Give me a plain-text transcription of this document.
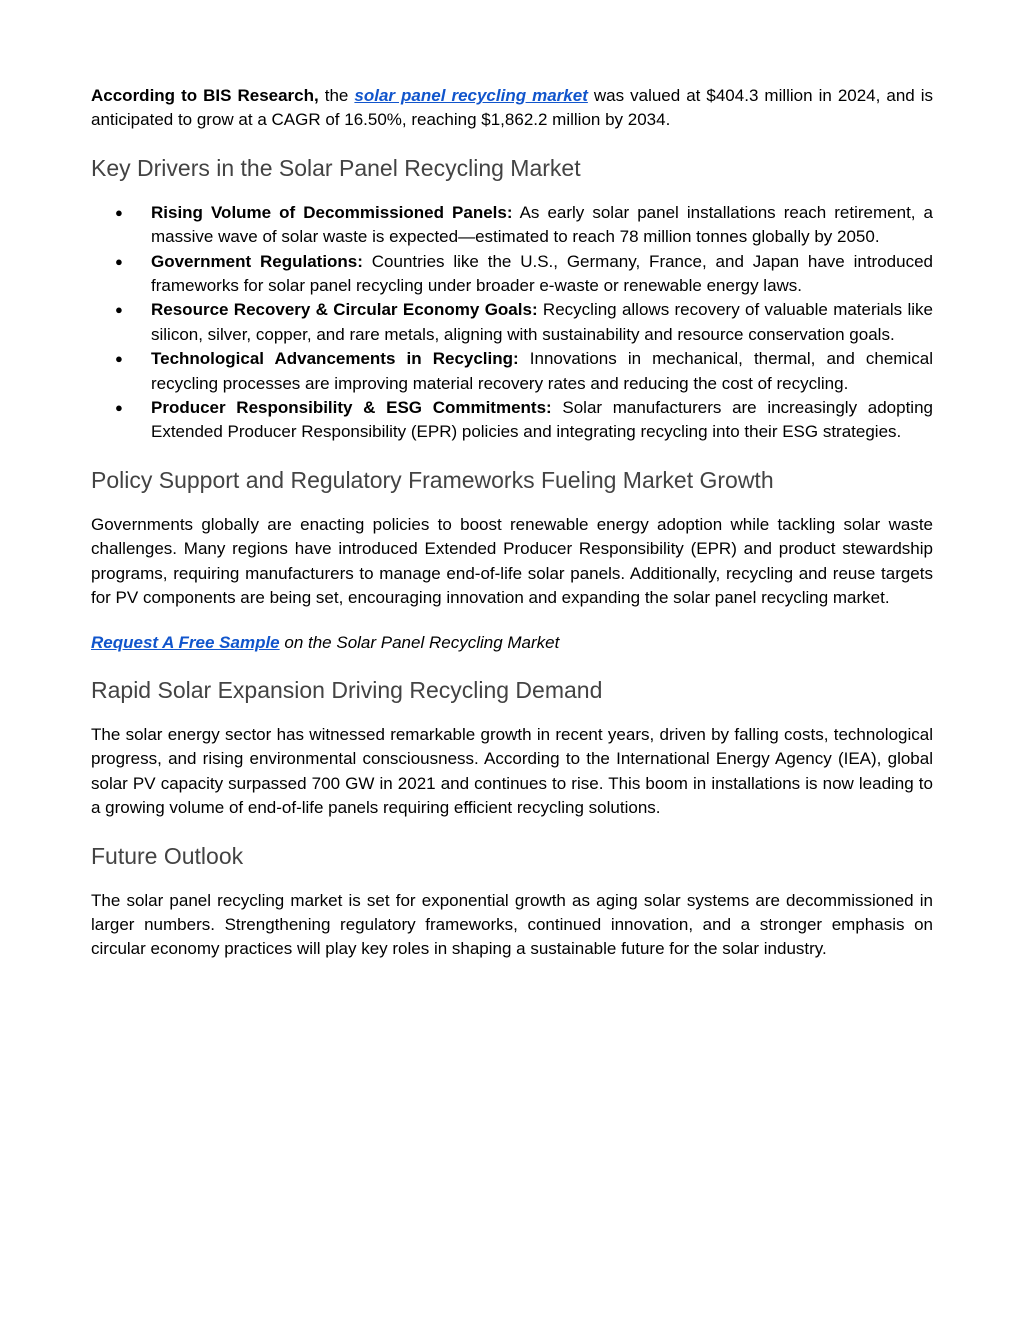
According to BIS Research, the solar panel recycling market was valued at $404.3 million in 2024, and is anticipated to grow at a CAGR of 16.50%, reaching $1,862.2 million by 2034.

Key Drivers in the Solar Panel Recycling Market
● Rising Volume of Decommissioned Panels: As early solar panel installations reach retirement, a massive wave of solar waste is expected—estimated to reach 78 million tonnes globally by 2050.
● Government Regulations: Countries like the U.S., Germany, France, and Japan have introduced frameworks for solar panel recycling under broader e-waste or renewable energy laws.
● Resource Recovery & Circular Economy Goals: Recycling allows recovery of valuable materials like silicon, silver, copper, and rare metals, aligning with sustainability and resource conservation goals.
● Technological Advancements in Recycling: Innovations in mechanical, thermal, and chemical recycling processes are improving material recovery rates and reducing the cost of recycling.
● Producer Responsibility & ESG Commitments: Solar manufacturers are increasingly adopting Extended Producer Responsibility (EPR) policies and integrating recycling into their ESG strategies.
Policy Support and Regulatory Frameworks Fueling Market Growth

Governments globally are enacting policies to boost renewable energy adoption while tackling solar waste challenges. Many regions have introduced Extended Producer Responsibility (EPR) and product stewardship programs, requiring manufacturers to manage end-of-life solar panels. Additionally, recycling and reuse targets for PV components are being set, encouraging innovation and expanding the solar panel recycling market.

Request A Free Sample on the Solar Panel Recycling Market

Rapid Solar Expansion Driving Recycling Demand

The solar energy sector has witnessed remarkable growth in recent years, driven by falling costs, technological progress, and rising environmental consciousness. According to the International Energy Agency (IEA), global solar PV capacity surpassed 700 GW in 2021 and continues to rise. This boom in installations is now leading to a growing volume of end-of-life panels requiring efficient recycling solutions.

Future Outlook

The solar panel recycling market is set for exponential growth as aging solar systems are decommissioned in larger numbers. Strengthening regulatory frameworks, continued innovation, and a stronger emphasis on circular economy practices will play key roles in shaping a sustainable future for the solar industry.
